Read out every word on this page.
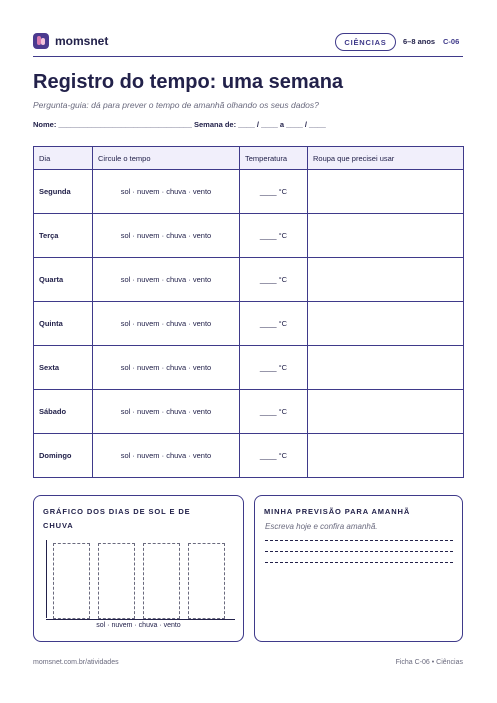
momsnet	CIÊNCIAS	6–8 anos C-06
Registro do tempo: uma semana

Pergunta-guia: dá para prever o tempo de amanhã olhando os seus dados?

Nome: ________________________________ Semana de: ____ / ____ a ____ / ____

Dia	Circule o tempo	Temperatura	Roupa que precisei usar
Segunda	sol · nuvem · chuva · vento	____ °C	
Terça	sol · nuvem · chuva · vento	____ °C	
Quarta	sol · nuvem · chuva · vento	____ °C	
Quinta	sol · nuvem · chuva · vento	____ °C	
Sexta	sol · nuvem · chuva · vento	____ °C	
Sábado	sol · nuvem · chuva · vento	____ °C	
Domingo	sol · nuvem · chuva · vento	____ °C	
GRÁFICO DOS DIAS DE SOL E DE CHUVA
sol · nuvem · chuva · vento
MINHA PREVISÃO PARA AMANHÃ
Escreva hoje e confira amanhã.
momsnet.com.br/atividades	Ficha C-06 • Ciências
